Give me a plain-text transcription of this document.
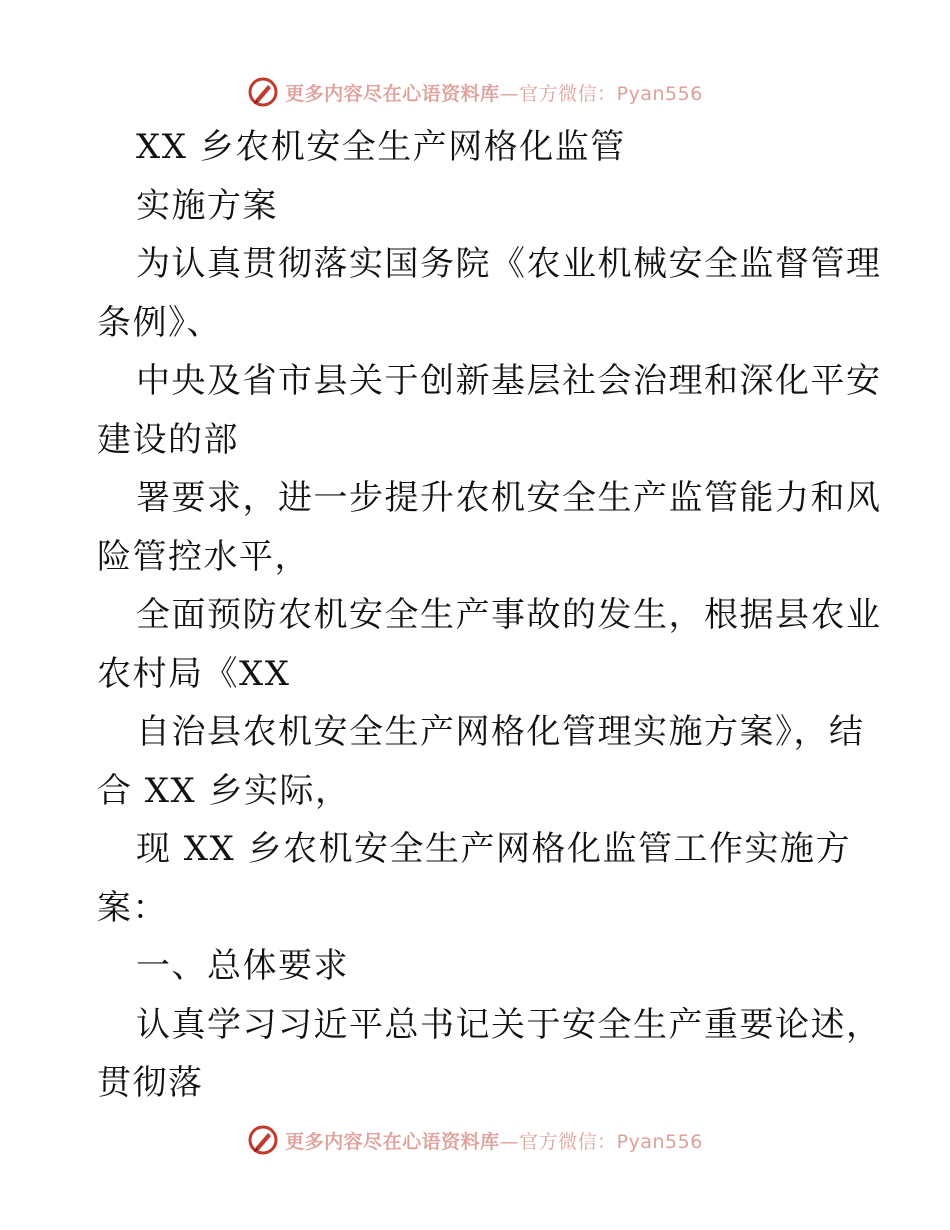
更多内容尽在心语资料库—官方微信：Pyan556
XX 乡农机安全生产网格化监管
实施方案
为认真贯彻落实国务院《农业机械安全监督管理
条例》、
中央及省市县关于创新基层社会治理和深化平安
建设的部
署要求，进一步提升农机安全生产监管能力和风
险管控水平，
全面预防农机安全生产事故的发生，根据县农业
农村局《XX
自治县农机安全生产网格化管理实施方案》，结
合 XX 乡实际，
现 XX 乡农机安全生产网格化监管工作实施方
案：
一、总体要求
认真学习习近平总书记关于安全生产重要论述，
贯彻落
更多内容尽在心语资料库—官方微信：Pyan556
